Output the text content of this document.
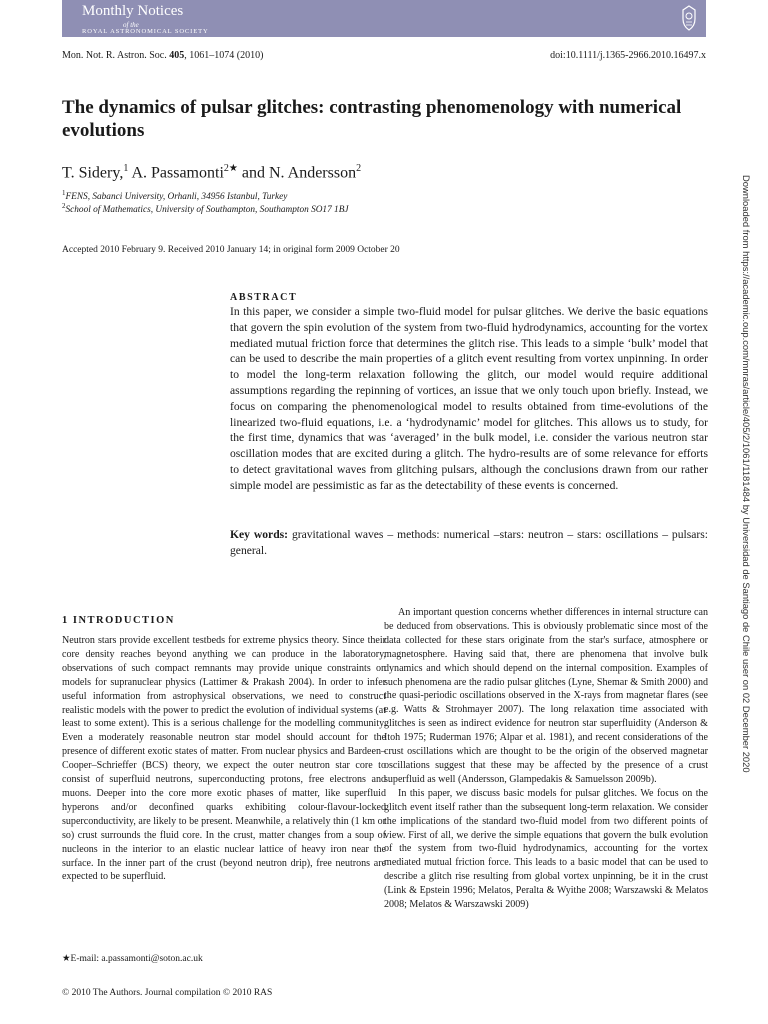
Monthly Notices
of the
ROYAL ASTRONOMICAL SOCIETY
Mon. Not. R. Astron. Soc. 405, 1061–1074 (2010)	doi:10.1111/j.1365-2966.2010.16497.x
The dynamics of pulsar glitches: contrasting phenomenology with numerical evolutions
T. Sidery,$^1$ A. Passamonti$^{2★}$ and N. Andersson$^2$
$^1$FENS, Sabanci University, Orhanli, 34956 Istanbul, Turkey
$^2$School of Mathematics, University of Southampton, Southampton SO17 1BJ
Accepted 2010 February 9. Received 2010 January 14; in original form 2009 October 20
ABSTRACT
In this paper, we consider a simple two-fluid model for pulsar glitches. We derive the basic equations that govern the spin evolution of the system from two-fluid hydrodynamics, accounting for the vortex mediated mutual friction force that determines the glitch rise. This leads to a simple ‘bulk’ model that can be used to describe the main properties of a glitch event resulting from vortex unpinning. In order to model the long-term relaxation following the glitch, our model would require additional assumptions regarding the repinning of vortices, an issue that we only touch upon briefly. Instead, we focus on comparing the phenomenological model to results obtained from time-evolutions of the linearized two-fluid equations, i.e. a ‘hydrodynamic’ model for glitches. This allows us to study, for the first time, dynamics that was ‘averaged’ in the bulk model, i.e. consider the various neutron star oscillation modes that are excited during a glitch. The hydro-results are of some relevance for efforts to detect gravitational waves from glitching pulsars, although the conclusions drawn from our rather simple model are pessimistic as far as the detectability of these events is concerned.
Key words: gravitational waves – methods: numerical –stars: neutron – stars: oscillations – pulsars: general.
1 INTRODUCTION

Neutron stars provide excellent testbeds for extreme physics theory. Since their core density reaches beyond anything we can produce in the laboratory, observations of such compact remnants may provide unique constraints on models for supranuclear physics (Lattimer & Prakash 2004). In order to infer useful information from astrophysical observations, we need to construct realistic models with the power to predict the evolution of individual systems (at least to some extent). This is a serious challenge for the modelling community. Even a moderately reasonable neutron star model should account for the presence of different exotic states of matter. From nuclear physics and Bardeen–Cooper–Schrieffer (BCS) theory, we expect the outer neutron star core to consist of superfluid neutrons, superconducting protons, free electrons and muons. Deeper into the core more exotic phases of matter, like superfluid hyperons and/or deconfined quarks exhibiting colour-flavour-locked superconductivity, are likely to be present. Meanwhile, a relatively thin (1 km or so) crust surrounds the fluid core. In the crust, matter changes from a soup of nucleons in the interior to an elastic nuclear lattice of heavy iron near the surface. In the inner part of the crust (beyond neutron drip), free neutrons are expected to be superfluid.

An important question concerns whether differences in internal structure can be deduced from observations. This is obviously problematic since most of the data collected for these stars originate from the star's surface, atmosphere or magnetosphere. Having said that, there are phenomena that involve bulk dynamics and which should depend on the internal composition. Examples of such phenomena are the radio pulsar glitches (Lyne, Shemar & Smith 2000) and the quasi-periodic oscillations observed in the X-rays from magnetar flares (see e.g. Watts & Strohmayer 2007). The long relaxation time associated with glitches is seen as indirect evidence for neutron star superfluidity (Anderson & Itoh 1975; Ruderman 1976; Alpar et al. 1981), and recent considerations of the crust oscillations which are thought to be the origin of the observed magnetar oscillations suggest that these may be affected by the presence of a crust superfluid as well (Andersson, Glampedakis & Samuelsson 2009b).

In this paper, we discuss basic models for pulsar glitches. We focus on the glitch event itself rather than the subsequent long-term relaxation. We consider the implications of the standard two-fluid model from two different points of view. First of all, we derive the simple equations that govern the bulk evolution of the system from two-fluid hydrodynamics, accounting for the vortex mediated mutual friction force. This leads to a basic model that can be used to describe a glitch rise resulting from global vortex unpinning, be it in the crust (Link & Epstein 1996; Melatos, Peralta & Wyithe 2008; Warszawski & Melatos 2008; Melatos & Warszawski 2009)

★E-mail: a.passamonti@soton.ac.uk
© 2010 The Authors. Journal compilation © 2010 RAS
Downloaded from https://academic.oup.com/mnras/article/405/2/1061/1181484 by Universidad de Santiago de Chile user on 02 December 2020
